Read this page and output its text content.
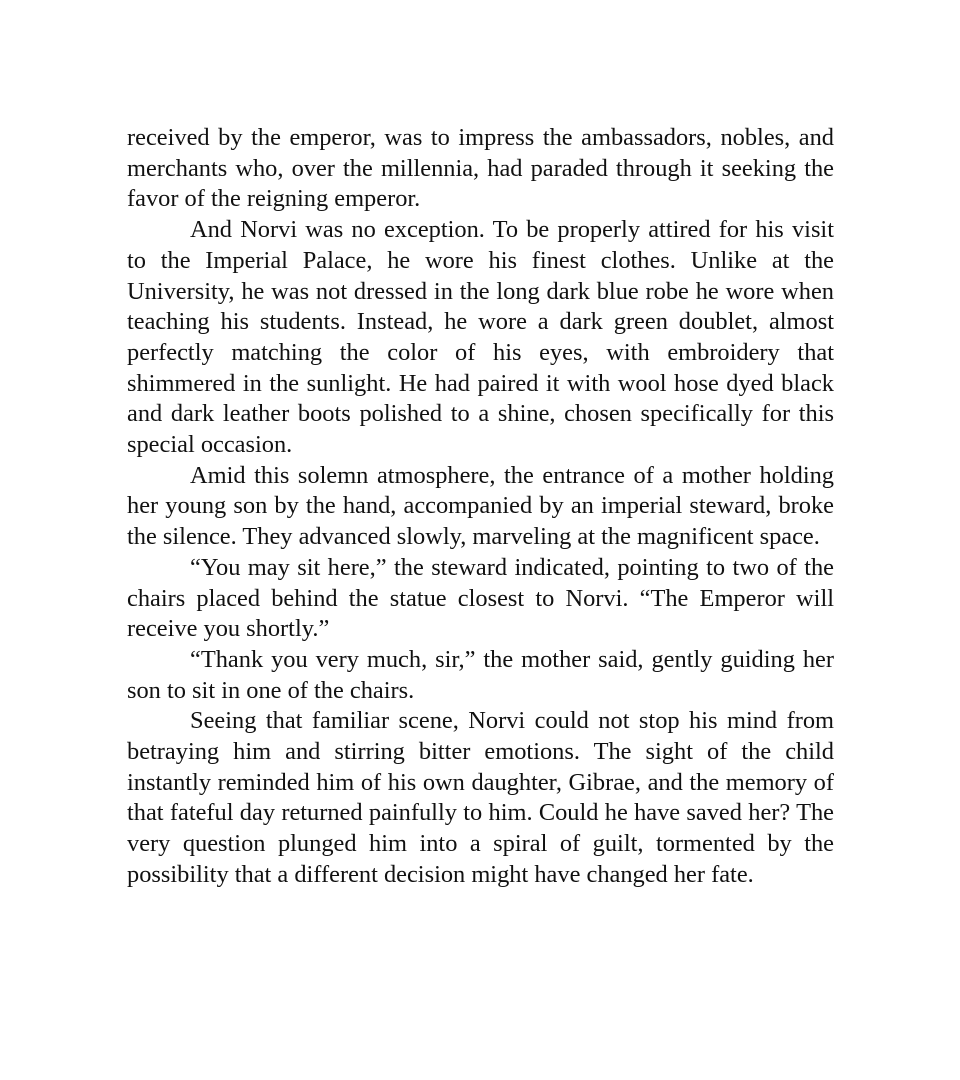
received by the emperor, was to impress the ambassadors, nobles, and merchants who, over the millennia, had paraded through it seeking the favor of the reigning emperor.

And Norvi was no exception. To be properly attired for his visit to the Imperial Palace, he wore his finest clothes. Unlike at the University, he was not dressed in the long dark blue robe he wore when teaching his students. Instead, he wore a dark green doublet, almost perfectly matching the color of his eyes, with embroidery that shimmered in the sunlight. He had paired it with wool hose dyed black and dark leather boots polished to a shine, chosen specifically for this special occasion.

Amid this solemn atmosphere, the entrance of a mother holding her young son by the hand, accompanied by an imperial steward, broke the silence. They advanced slowly, marveling at the magnificent space.

“You may sit here,” the steward indicated, pointing to two of the chairs placed behind the statue closest to Norvi. “The Emperor will receive you shortly.”

“Thank you very much, sir,” the mother said, gently guiding her son to sit in one of the chairs.

Seeing that familiar scene, Norvi could not stop his mind from betraying him and stirring bitter emotions. The sight of the child instantly reminded him of his own daughter, Gibrae, and the memory of that fateful day returned painfully to him. Could he have saved her? The very question plunged him into a spiral of guilt, tormented by the possibility that a different decision might have changed her fate.
